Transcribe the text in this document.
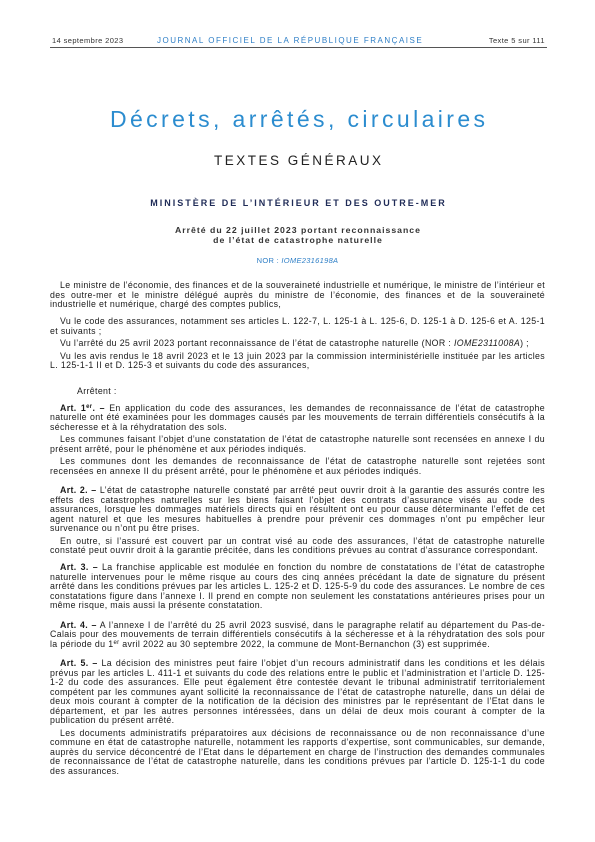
14 septembre 2023	JOURNAL OFFICIEL DE LA RÉPUBLIQUE FRANÇAISE	Texte 5 sur 111
Décrets, arrêtés, circulaires
TEXTES GÉNÉRAUX
MINISTÈRE DE L’INTÉRIEUR ET DES OUTRE-MER
Arrêté du 22 juillet 2023 portant reconnaissance
de l’état de catastrophe naturelle
NOR : IOME2316198A

Le ministre de l’économie, des finances et de la souveraineté industrielle et numérique, le ministre de l’intérieur et des outre-mer et le ministre délégué auprès du ministre de l’économie, des finances et de la souveraineté industrielle et numérique, chargé des comptes publics,

Vu le code des assurances, notamment ses articles L. 122-7, L. 125-1 à L. 125-6, D. 125-1 à D. 125-6 et A. 125-1 et suivants ;

Vu l’arrêté du 25 avril 2023 portant reconnaissance de l’état de catastrophe naturelle (NOR : IOME2311008A) ;

Vu les avis rendus le 18 avril 2023 et le 13 juin 2023 par la commission interministérielle instituée par les articles L. 125-1-1 II et D. 125-3 et suivants du code des assurances,

Arrêtent :

Art. 1er. – En application du code des assurances, les demandes de reconnaissance de l’état de catastrophe naturelle ont été examinées pour les dommages causés par les mouvements de terrain différentiels consécutifs à la sécheresse et à la réhydratation des sols.

Les communes faisant l’objet d’une constatation de l’état de catastrophe naturelle sont recensées en annexe I du présent arrêté, pour le phénomène et aux périodes indiqués.

Les communes dont les demandes de reconnaissance de l’état de catastrophe naturelle sont rejetées sont recensées en annexe II du présent arrêté, pour le phénomène et aux périodes indiqués.

Art. 2. – L’état de catastrophe naturelle constaté par arrêté peut ouvrir droit à la garantie des assurés contre les effets des catastrophes naturelles sur les biens faisant l’objet des contrats d’assurance visés au code des assurances, lorsque les dommages matériels directs qui en résultent ont eu pour cause déterminante l’effet de cet agent naturel et que les mesures habituelles à prendre pour prévenir ces dommages n’ont pu empêcher leur survenance ou n’ont pu être prises.

En outre, si l’assuré est couvert par un contrat visé au code des assurances, l’état de catastrophe naturelle constaté peut ouvrir droit à la garantie précitée, dans les conditions prévues au contrat d’assurance correspondant.

Art. 3. – La franchise applicable est modulée en fonction du nombre de constatations de l’état de catastrophe naturelle intervenues pour le même risque au cours des cinq années précédant la date de signature du présent arrêté dans les conditions prévues par les articles L. 125-2 et D. 125-5-9 du code des assurances. Le nombre de ces constatations figure dans l’annexe I. Il prend en compte non seulement les constatations antérieures prises pour un même risque, mais aussi la présente constatation.

Art. 4. – A l’annexe I de l’arrêté du 25 avril 2023 susvisé, dans le paragraphe relatif au département du Pas-de-Calais pour des mouvements de terrain différentiels consécutifs à la sécheresse et à la réhydratation des sols pour la période du 1er avril 2022 au 30 septembre 2022, la commune de Mont-Bernanchon (3) est supprimée.

Art. 5. – La décision des ministres peut faire l’objet d’un recours administratif dans les conditions et les délais prévus par les articles L. 411-1 et suivants du code des relations entre le public et l’administration et l’article D. 125-1-2 du code des assurances. Elle peut également être contestée devant le tribunal administratif territorialement compétent par les communes ayant sollicité la reconnaissance de l’état de catastrophe naturelle, dans un délai de deux mois courant à compter de la notification de la décision des ministres par le représentant de l’Etat dans le département, et par les autres personnes intéressées, dans un délai de deux mois courant à compter de la publication du présent arrêté.

Les documents administratifs préparatoires aux décisions de reconnaissance ou de non reconnaissance d’une commune en état de catastrophe naturelle, notamment les rapports d’expertise, sont communicables, sur demande, auprès du service déconcentré de l’Etat dans le département en charge de l’instruction des demandes communales de reconnaissance de l’état de catastrophe naturelle, dans les conditions prévues par l’article D. 125-1-1 du code des assurances.
